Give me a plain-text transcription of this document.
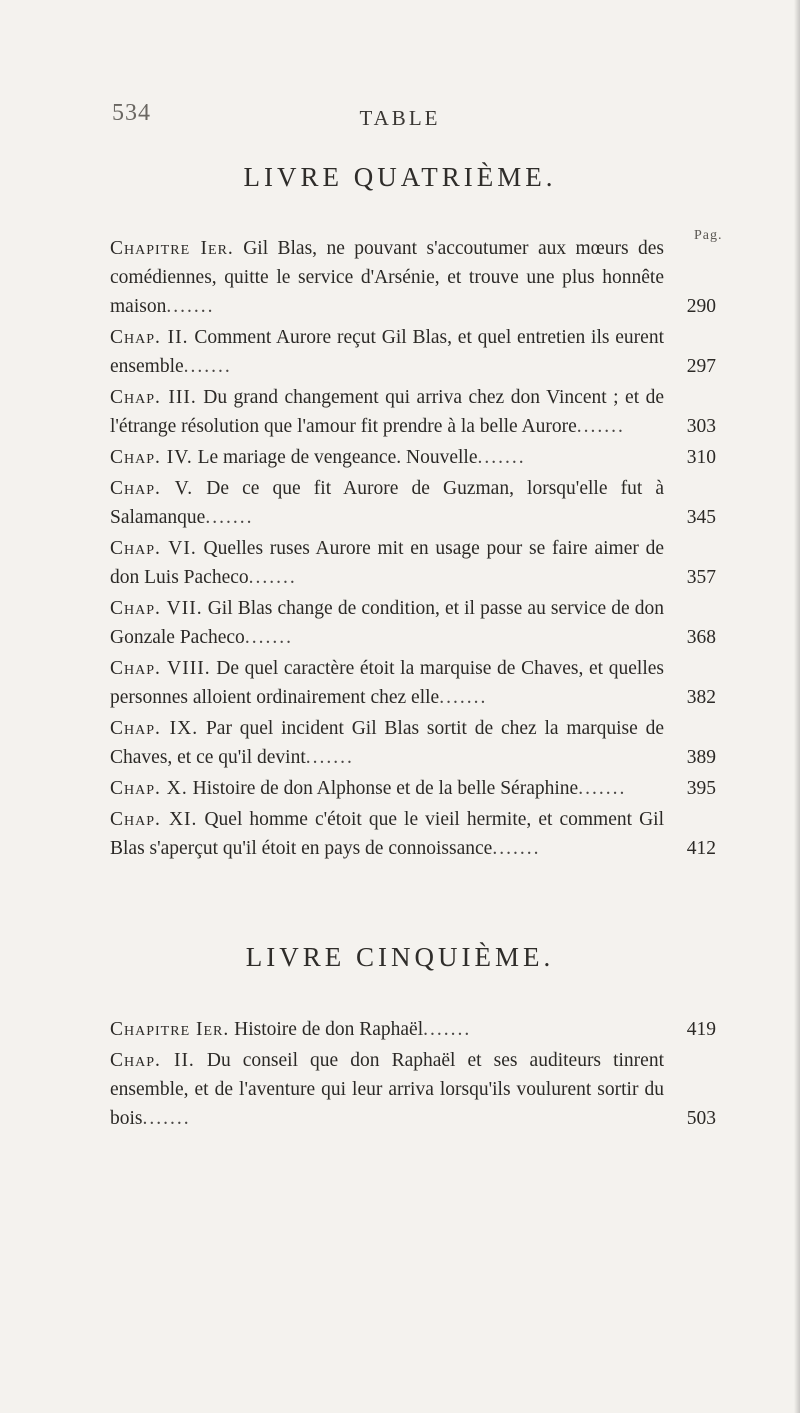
534	TABLE
LIVRE QUATRIÈME.
Pag.
Chapitre Ier. Gil Blas, ne pouvant s'accoutumer aux mœurs des comédiennes, quitte le service d'Arsénie, et trouve une plus honnête maison.......	290
Chap. II. Comment Aurore reçut Gil Blas, et quel entretien ils eurent ensemble.......	297
Chap. III. Du grand changement qui arriva chez don Vincent ; et de l'étrange résolution que l'amour fit prendre à la belle Aurore.......	303
Chap. IV. Le mariage de vengeance. Nouvelle.......	310
Chap. V. De ce que fit Aurore de Guzman, lorsqu'elle fut à Salamanque.......	345
Chap. VI. Quelles ruses Aurore mit en usage pour se faire aimer de don Luis Pacheco.......	357
Chap. VII. Gil Blas change de condition, et il passe au service de don Gonzale Pacheco.......	368
Chap. VIII. De quel caractère étoit la marquise de Chaves, et quelles personnes alloient ordinairement chez elle.......	382
Chap. IX. Par quel incident Gil Blas sortit de chez la marquise de Chaves, et ce qu'il devint.......	389
Chap. X. Histoire de don Alphonse et de la belle Séraphine.......	395
Chap. XI. Quel homme c'étoit que le vieil hermite, et comment Gil Blas s'aperçut qu'il étoit en pays de connoissance.......	412
LIVRE CINQUIÈME.
Chapitre Ier. Histoire de don Raphaël.......	419
Chap. II. Du conseil que don Raphaël et ses auditeurs tinrent ensemble, et de l'aventure qui leur arriva lorsqu'ils voulurent sortir du bois.......	503
